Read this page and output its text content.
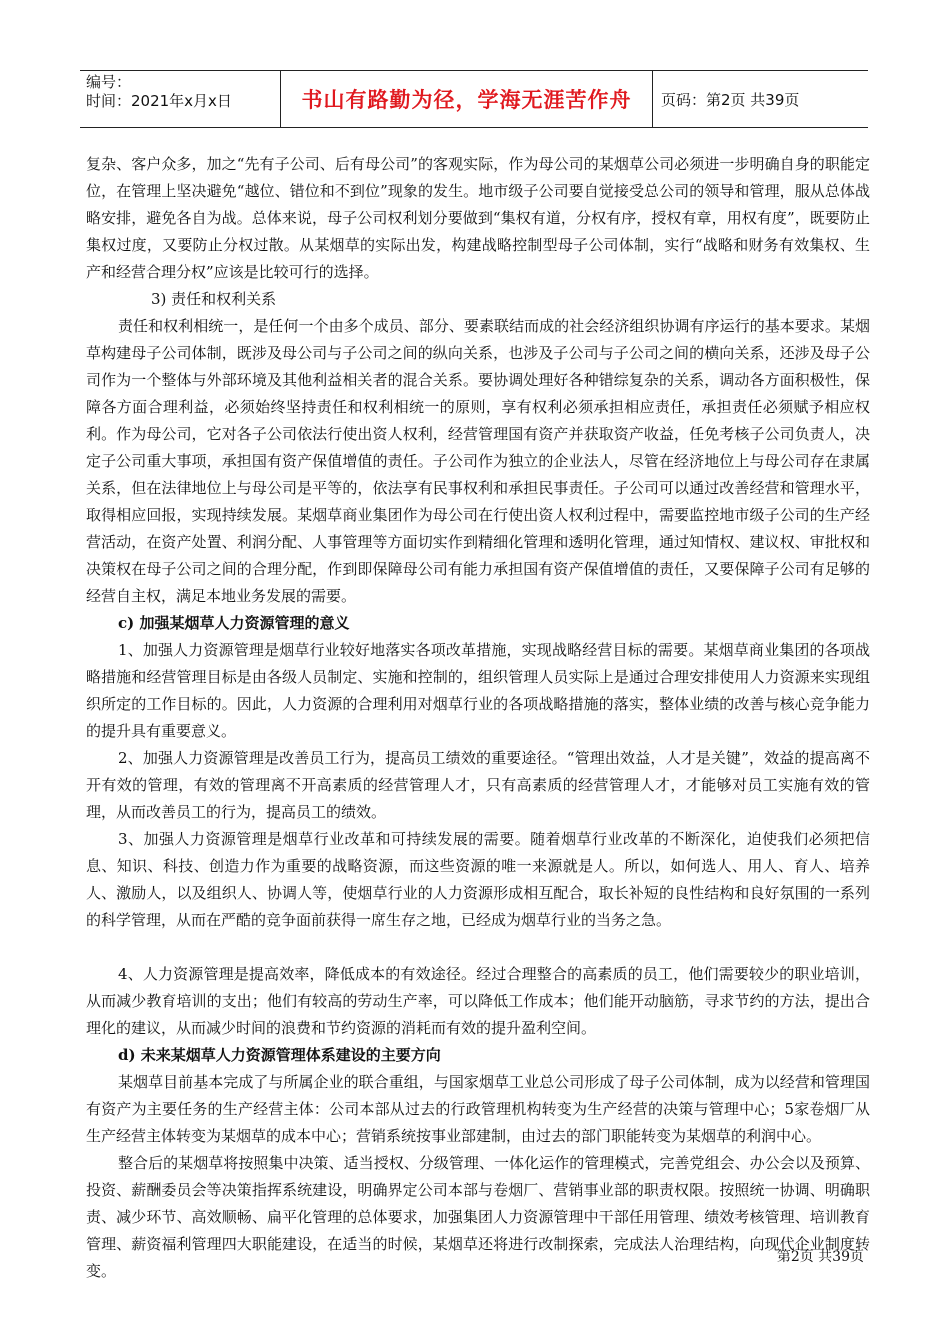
编号：
时间：2021年x月x日	书山有路勤为径，学海无涯苦作舟	页码：第2页 共39页

复杂、客户众多，加之“先有子公司、后有母公司”的客观实际，作为母公司的某烟草公司必须进一步明确自身的职能定位，在管理上坚决避免“越位、错位和不到位”现象的发生。地市级子公司要自觉接受总公司的领导和管理，服从总体战略安排，避免各自为战。总体来说，母子公司权利划分要做到“集权有道，分权有序，授权有章，用权有度”，既要防止集权过度，又要防止分权过散。从某烟草的实际出发，构建战略控制型母子公司体制，实行“战略和财务有效集权、生产和经营合理分权”应该是比较可行的选择。

3) 责任和权利关系

责任和权利相统一，是任何一个由多个成员、部分、要素联结而成的社会经济组织协调有序运行的基本要求。某烟草构建母子公司体制，既涉及母公司与子公司之间的纵向关系，也涉及子公司与子公司之间的横向关系，还涉及母子公司作为一个整体与外部环境及其他利益相关者的混合关系。要协调处理好各种错综复杂的关系，调动各方面积极性，保障各方面合理利益，必须始终坚持责任和权利相统一的原则，享有权利必须承担相应责任，承担责任必须赋予相应权利。作为母公司，它对各子公司依法行使出资人权利，经营管理国有资产并获取资产收益，任免考核子公司负责人，决定子公司重大事项，承担国有资产保值增值的责任。子公司作为独立的企业法人，尽管在经济地位上与母公司存在隶属关系，但在法律地位上与母公司是平等的，依法享有民事权利和承担民事责任。子公司可以通过改善经营和管理水平，取得相应回报，实现持续发展。某烟草商业集团作为母公司在行使出资人权利过程中，需要监控地市级子公司的生产经营活动，在资产处置、利润分配、人事管理等方面切实作到精细化管理和透明化管理，通过知情权、建议权、审批权和决策权在母子公司之间的合理分配，作到即保障母公司有能力承担国有资产保值增值的责任，又要保障子公司有足够的经营自主权，满足本地业务发展的需要。

c) 加强某烟草人力资源管理的意义

1、加强人力资源管理是烟草行业较好地落实各项改革措施，实现战略经营目标的需要。某烟草商业集团的各项战略措施和经营管理目标是由各级人员制定、实施和控制的，组织管理人员实际上是通过合理安排使用人力资源来实现组织所定的工作目标的。因此，人力资源的合理利用对烟草行业的各项战略措施的落实，整体业绩的改善与核心竞争能力的提升具有重要意义。

2、加强人力资源管理是改善员工行为，提高员工绩效的重要途径。“管理出效益，人才是关键”，效益的提高离不开有效的管理，有效的管理离不开高素质的经营管理人才，只有高素质的经营管理人才，才能够对员工实施有效的管理，从而改善员工的行为，提高员工的绩效。

3、加强人力资源管理是烟草行业改革和可持续发展的需要。随着烟草行业改革的不断深化，迫使我们必须把信息、知识、科技、创造力作为重要的战略资源，而这些资源的唯一来源就是人。所以，如何选人、用人、育人、培养人、激励人，以及组织人、协调人等，使烟草行业的人力资源形成相互配合，取长补短的良性结构和良好氛围的一系列的科学管理，从而在严酷的竞争面前获得一席生存之地，已经成为烟草行业的当务之急。

4、人力资源管理是提高效率，降低成本的有效途径。经过合理整合的高素质的员工，他们需要较少的职业培训，从而减少教育培训的支出；他们有较高的劳动生产率，可以降低工作成本；他们能开动脑筋，寻求节约的方法，提出合理化的建议，从而减少时间的浪费和节约资源的消耗而有效的提升盈利空间。

d) 未来某烟草人力资源管理体系建设的主要方向

某烟草目前基本完成了与所属企业的联合重组，与国家烟草工业总公司形成了母子公司体制，成为以经营和管理国有资产为主要任务的生产经营主体：公司本部从过去的行政管理机构转变为生产经营的决策与管理中心；5家卷烟厂从生产经营主体转变为某烟草的成本中心；营销系统按事业部建制，由过去的部门职能转变为某烟草的利润中心。

整合后的某烟草将按照集中决策、适当授权、分级管理、一体化运作的管理模式，完善党组会、办公会以及预算、投资、薪酬委员会等决策指挥系统建设，明确界定公司本部与卷烟厂、营销事业部的职责权限。按照统一协调、明确职责、减少环节、高效顺畅、扁平化管理的总体要求，加强集团人力资源管理中干部任用管理、绩效考核管理、培训教育管理、薪资福利管理四大职能建设，在适当的时候，某烟草还将进行改制探索，完成法人治理结构，向现代企业制度转变。

第2页 共39页
